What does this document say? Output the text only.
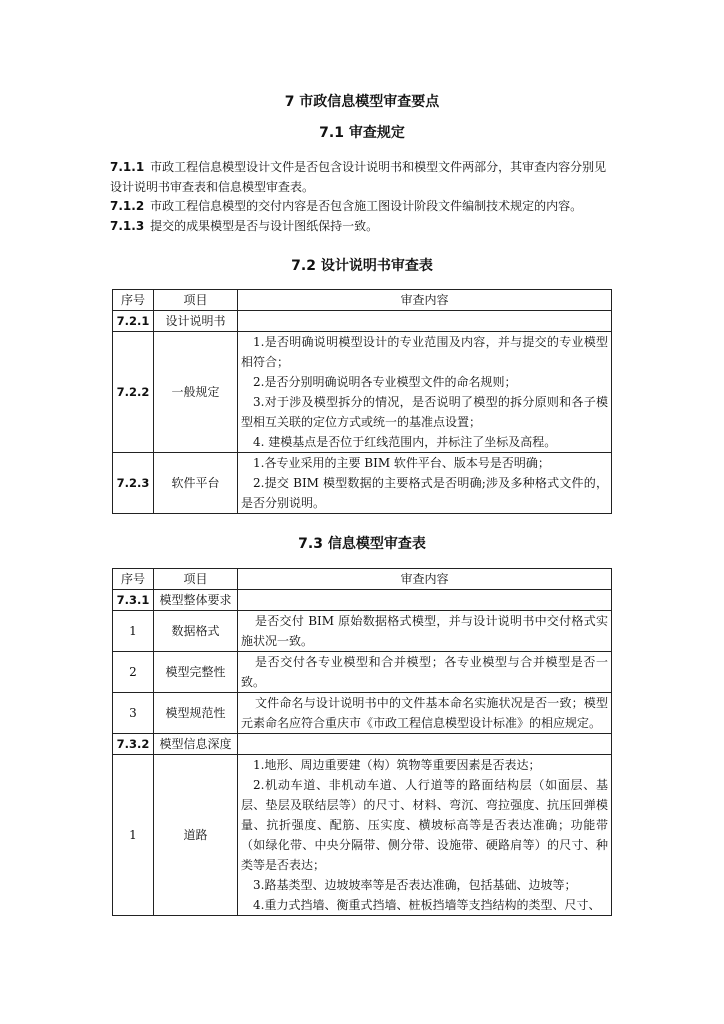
7 市政信息模型审查要点
7.1 审查规定

7.1.1 市政工程信息模型设计文件是否包含设计说明书和模型文件两部分，其审查内容分别见设计说明书审查表和信息模型审查表。

7.1.2 市政工程信息模型的交付内容是否包含施工图设计阶段文件编制技术规定的内容。

7.1.3 提交的成果模型是否与设计图纸保持一致。

7.2 设计说明书审查表
序号	项目	审查内容
7.2.1	设计说明书	
7.2.2	一般规定	1.是否明确说明模型设计的专业范围及内容，并与提交的专业模型相符合；

2.是否分别明确说明各专业模型文件的命名规则；

3.对于涉及模型拆分的情况，是否说明了模型的拆分原则和各子模型相互关联的定位方式或统一的基准点设置；

4. 建模基点是否位于红线范围内，并标注了坐标及高程。

7.2.3	软件平台	1.各专业采用的主要 BIM 软件平台、版本号是否明确；

2.提交 BIM 模型数据的主要格式是否明确;涉及多种格式文件的，是否分别说明。

7.3 信息模型审查表
序号	项目	审查内容
7.3.1	模型整体要求	
1	数据格式	是否交付 BIM 原始数据格式模型，并与设计说明书中交付格式实施状况一致。

2	模型完整性	是否交付各专业模型和合并模型；各专业模型与合并模型是否一致。

3	模型规范性	文件命名与设计说明书中的文件基本命名实施状况是否一致；模型元素命名应符合重庆市《市政工程信息模型设计标准》的相应规定。

7.3.2	模型信息深度	
1	道路	1.地形、周边重要建（构）筑物等重要因素是否表达；

2.机动车道、非机动车道、人行道等的路面结构层（如面层、基层、垫层及联结层等）的尺寸、材料、弯沉、弯拉强度、抗压回弹模量、抗折强度、配筋、压实度、横坡标高等是否表达准确；功能带（如绿化带、中央分隔带、侧分带、设施带、硬路肩等）的尺寸、种类等是否表达；

3.路基类型、边坡坡率等是否表达准确，包括基础、边坡等；

4.重力式挡墙、衡重式挡墙、桩板挡墙等支挡结构的类型、尺寸、
